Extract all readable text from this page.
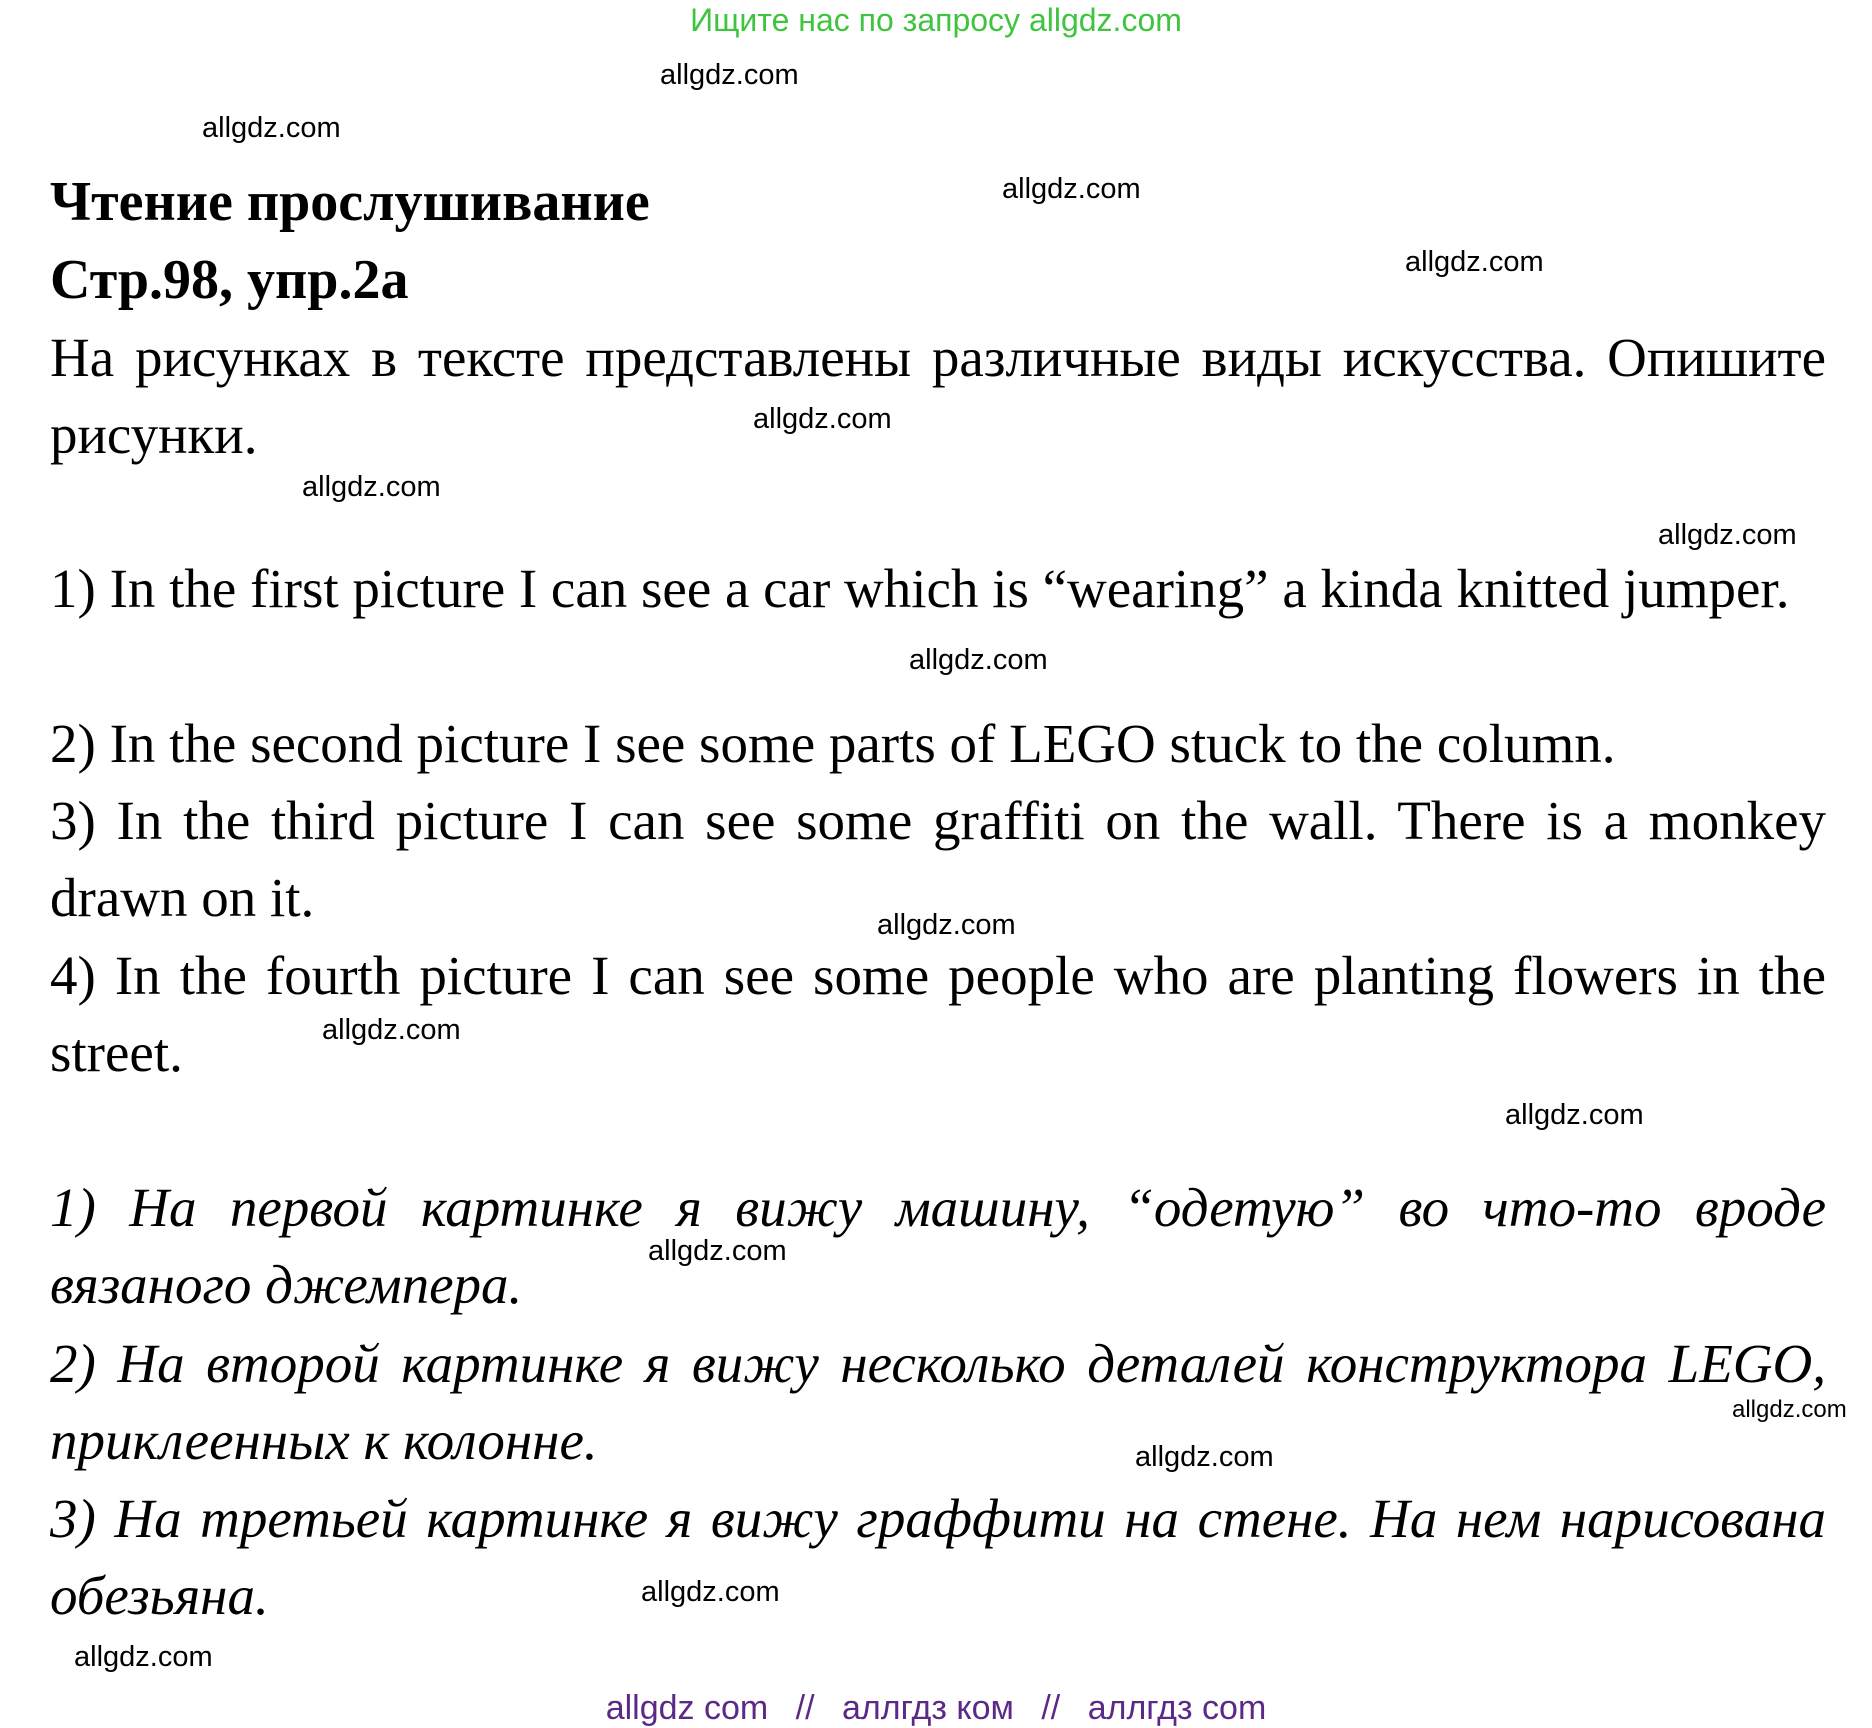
Ищите нас по запросу allgdz.com
allgdz.com
allgdz.com
allgdz.com
allgdz.com
allgdz.com
allgdz.com
allgdz.com
allgdz.com
allgdz.com
allgdz.com
allgdz.com
allgdz.com
allgdz.com
allgdz.com
allgdz.com
allgdz.com
Чтение прослушивание
Стр.98, упр.2а
На рисунках в тексте представлены различные виды искусства. Опишите рисунки.
1) In the first picture I can see a car which is “wearing” a kinda knitted jumper.
2) In the second picture I see some parts of LEGO stuck to the column.
3) In the third picture I can see some graffiti on the wall. There is a monkey drawn on it.
4) In the fourth picture I can see some people who are planting flowers in the street.
1) На первой картинке я вижу машину, “одетую” во что-то вроде вязаного джемпера.
2) На второй картинке я вижу несколько деталей конструктора LEGO, приклеенных к колонне.
3) На третьей картинке я вижу граффити на стене. На нем нарисована обезьяна.
allgdz com // аллгдз ком // аллгдз com
